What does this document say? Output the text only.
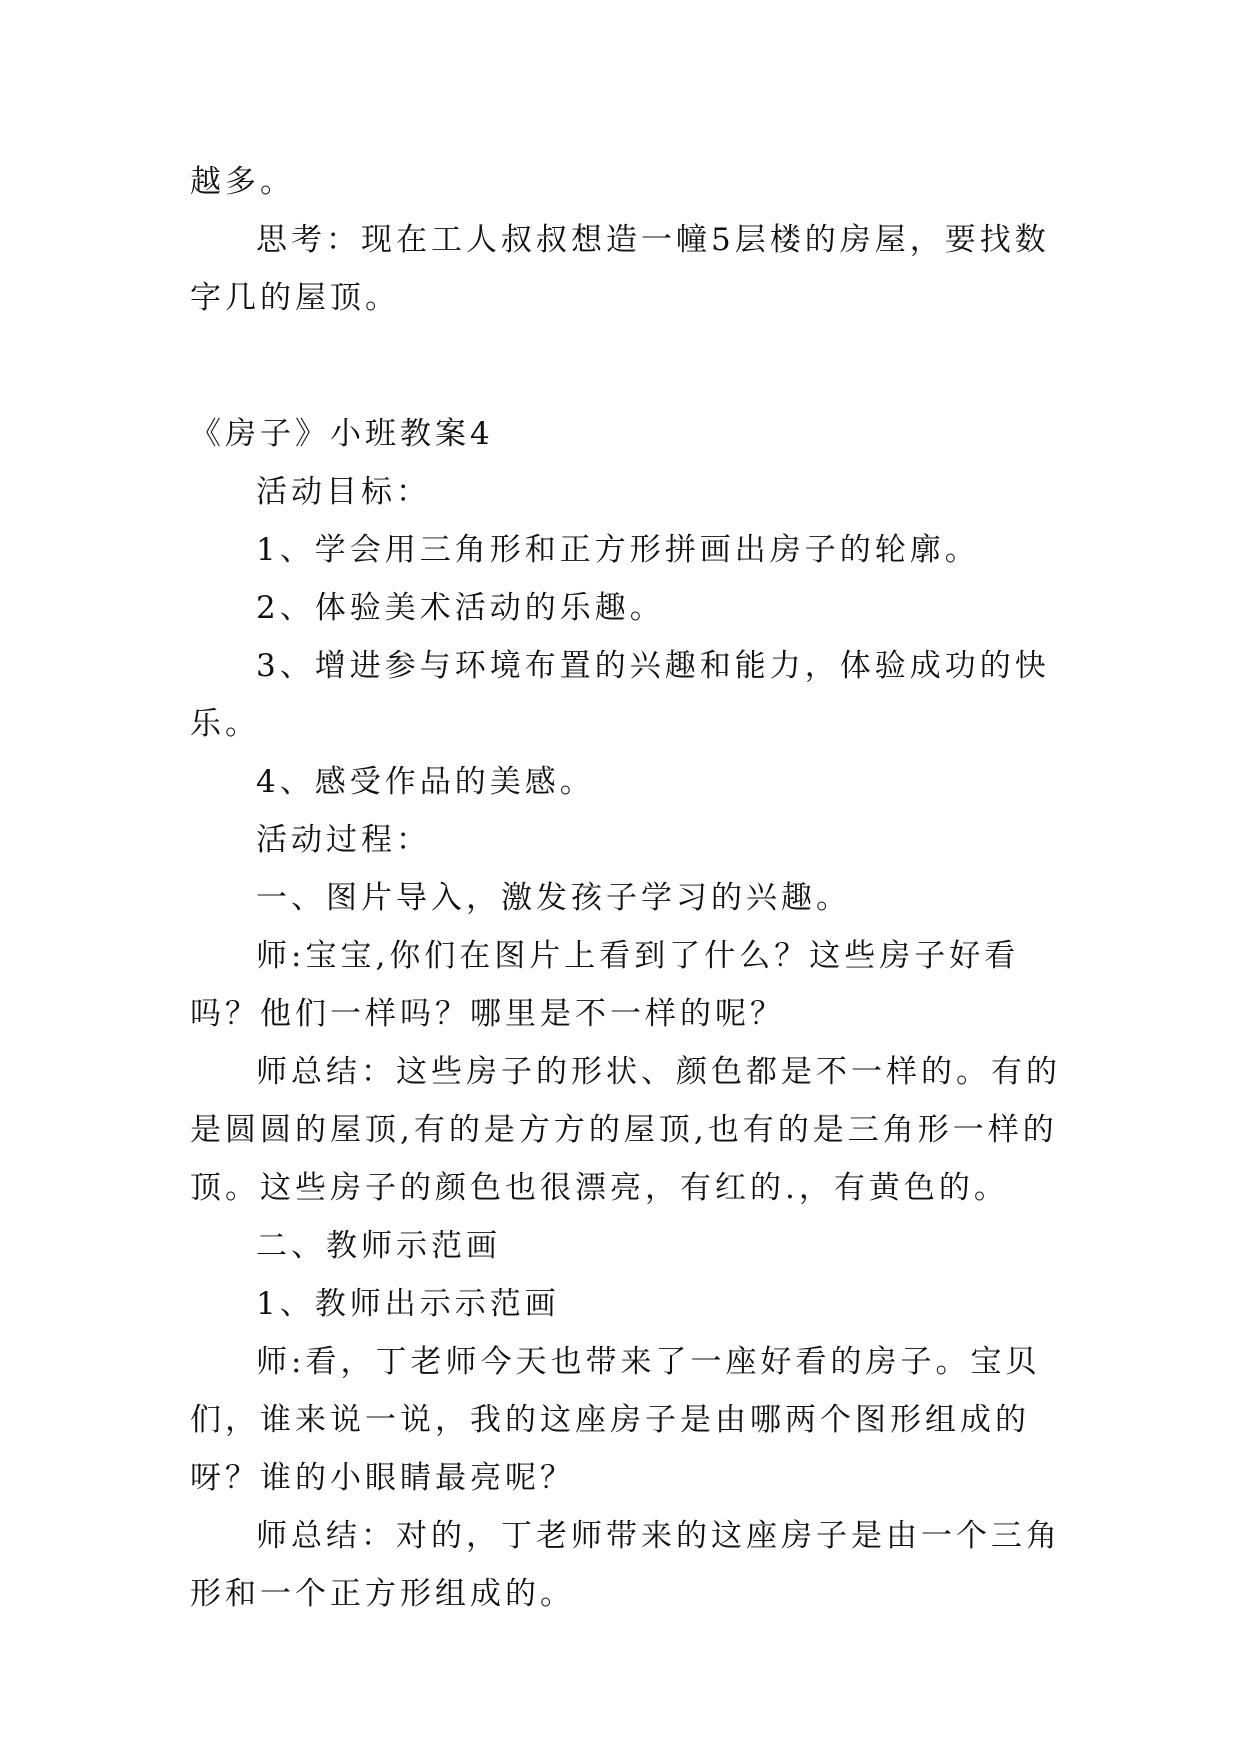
越多。

思考：现在工人叔叔想造一幢5层楼的房屋，要找数字几的屋顶。

《房子》小班教案4

活动目标：

1、学会用三角形和正方形拼画出房子的轮廓。

2、体验美术活动的乐趣。

3、增进参与环境布置的兴趣和能力，体验成功的快乐。

4、感受作品的美感。

活动过程：

一、图片导入，激发孩子学习的兴趣。

师:宝宝,你们在图片上看到了什么？这些房子好看吗？他们一样吗？哪里是不一样的呢？

师总结：这些房子的形状、颜色都是不一样的。有的是圆圆的屋顶,有的是方方的屋顶,也有的是三角形一样的顶。这些房子的颜色也很漂亮，有红的.，有黄色的。

二、教师示范画

1、教师出示示范画

师:看，丁老师今天也带来了一座好看的房子。宝贝们，谁来说一说，我的这座房子是由哪两个图形组成的呀？谁的小眼睛最亮呢？

师总结：对的，丁老师带来的这座房子是由一个三角形和一个正方形组成的。
